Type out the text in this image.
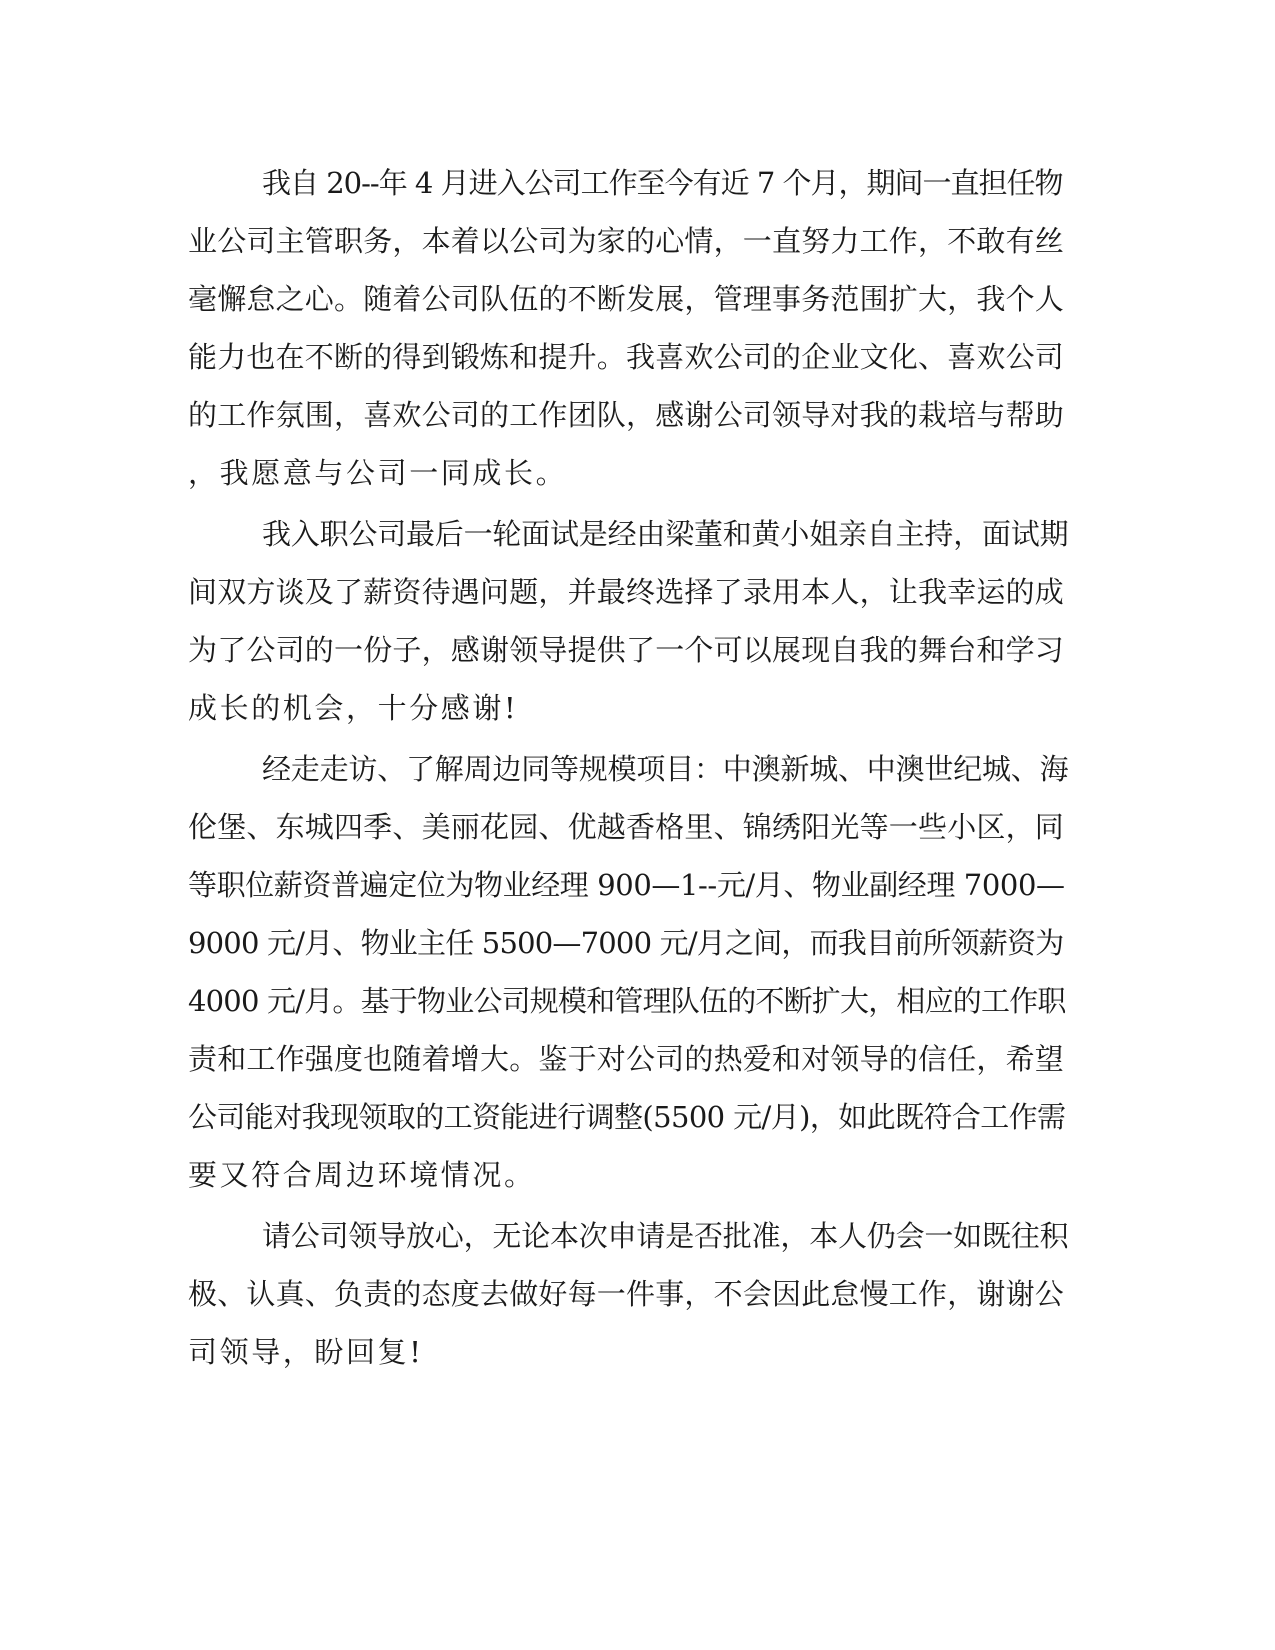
我自 20--年 4 月进入公司工作至今有近 7 个月，期间一直担任物
业公司主管职务，本着以公司为家的心情，一直努力工作，不敢有丝
毫懈怠之心。随着公司队伍的不断发展，管理事务范围扩大，我个人
能力也在不断的得到锻炼和提升。我喜欢公司的企业文化、喜欢公司
的工作氛围，喜欢公司的工作团队，感谢公司领导对我的栽培与帮助
，我愿意与公司一同成长。
我入职公司最后一轮面试是经由梁董和黄小姐亲自主持，面试期
间双方谈及了薪资待遇问题，并最终选择了录用本人，让我幸运的成
为了公司的一份子，感谢领导提供了一个可以展现自我的舞台和学习
成长的机会，十分感谢!
经走走访、了解周边同等规模项目：中澳新城、中澳世纪城、海
伦堡、东城四季、美丽花园、优越香格里、锦绣阳光等一些小区，同
等职位薪资普遍定位为物业经理 900—1--元/月、物业副经理 7000—
9000 元/月、物业主任 5500—7000 元/月之间，而我目前所领薪资为
4000 元/月。基于物业公司规模和管理队伍的不断扩大，相应的工作职
责和工作强度也随着增大。鉴于对公司的热爱和对领导的信任，希望
公司能对我现领取的工资能进行调整(5500 元/月)，如此既符合工作需
要又符合周边环境情况。
请公司领导放心，无论本次申请是否批准，本人仍会一如既往积
极、认真、负责的态度去做好每一件事，不会因此怠慢工作，谢谢公
司领导，盼回复!
